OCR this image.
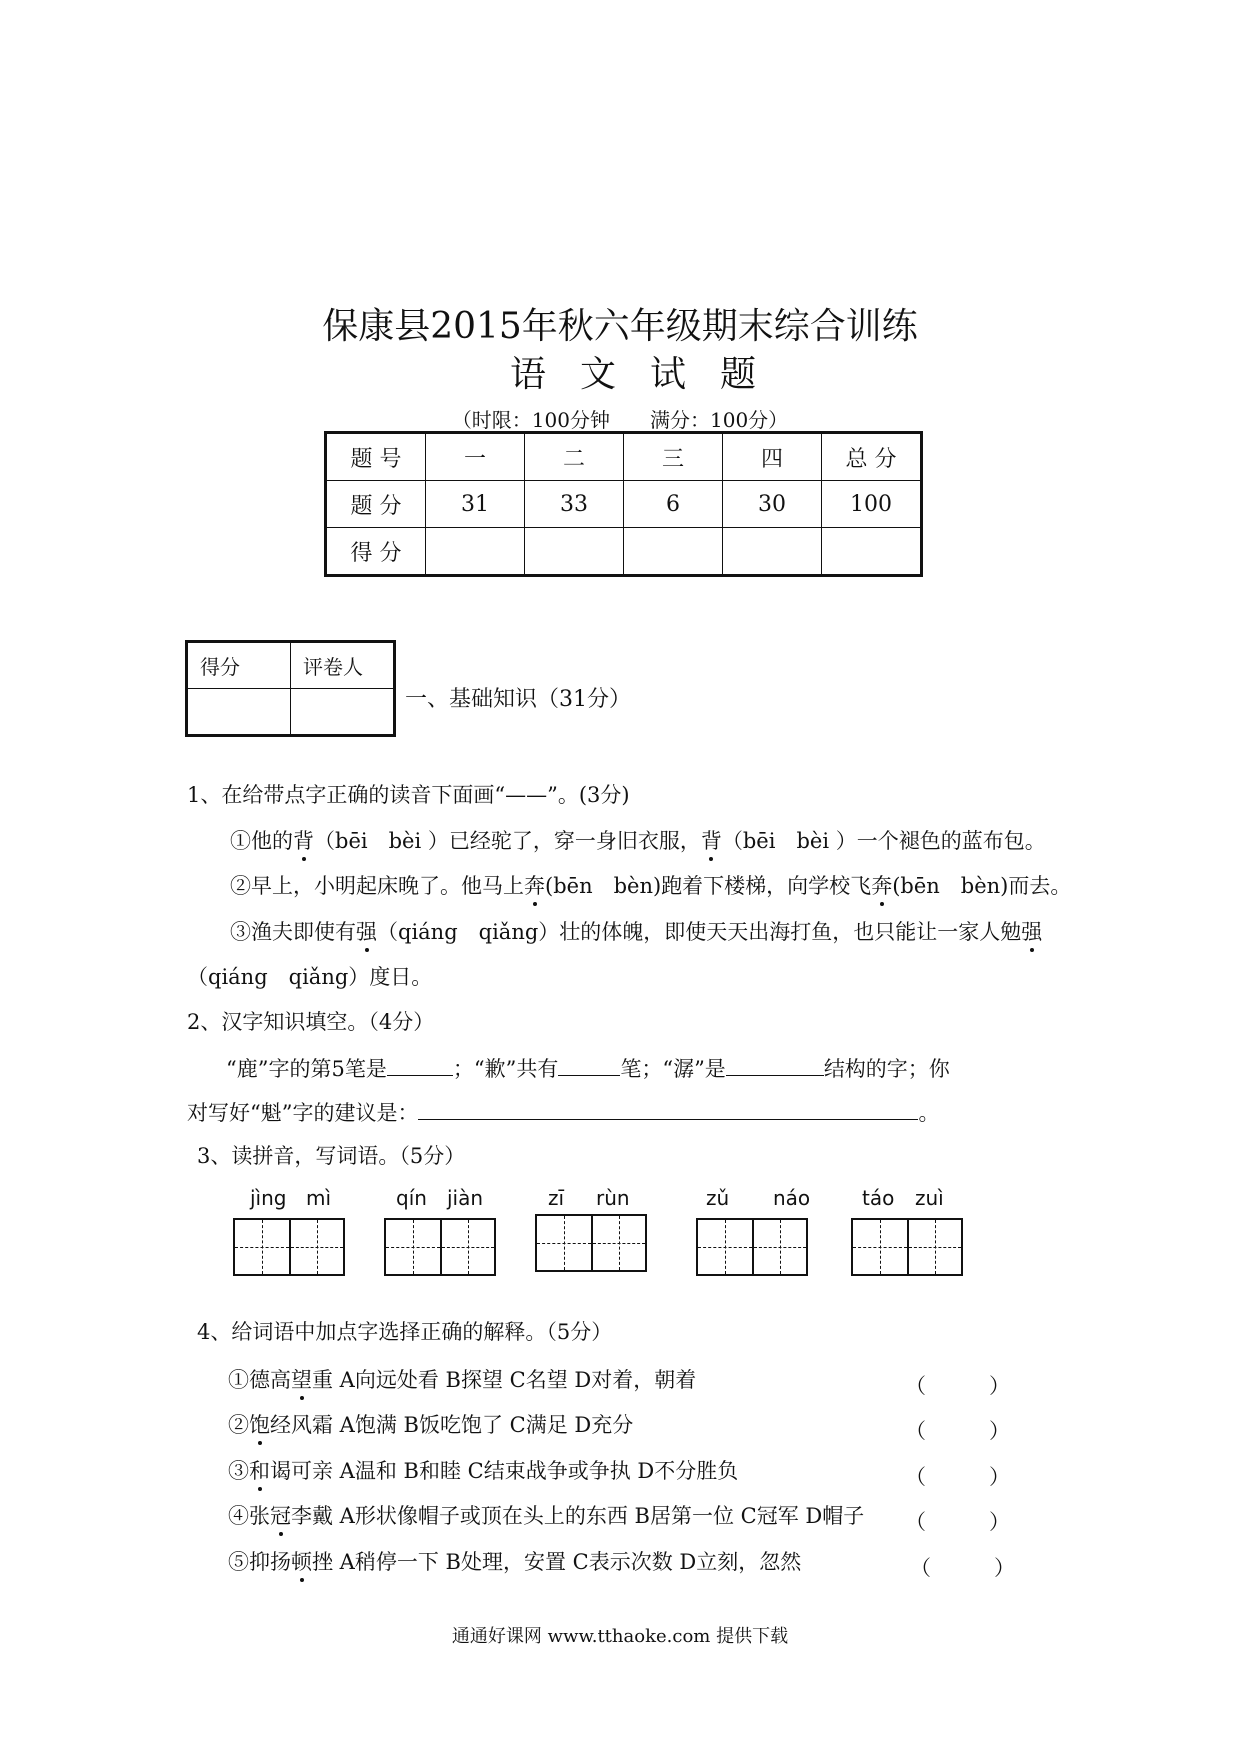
保康县2015年秋六年级期末综合训练
语文试题
（时限：100分钟 满分：100分）
题 号	一	二	三	四	总 分
题 分	31	33	6	30	100
得 分					
得分	评卷人

一、基础知识（31分）
1、在给带点字正确的读音下面画“——”。(3分)
①他的背（bēi　bèi ）已经驼了，穿一身旧衣服，背（bēi　bèi ）一个褪色的蓝布包。
②早上，小明起床晚了。他马上奔(bēn　bèn)跑着下楼梯，向学校飞奔(bēn　bèn)而去。
③渔夫即使有强（qiáng　qiǎng）壮的体魄，即使天天出海打鱼，也只能让一家人勉强
（qiáng　qiǎng）度日。
2、汉字知识填空。（4分）
“鹿”字的第5笔是	；“歉”共有	笔；“潺”是	结构的字；你
对写好“魁”字的建议是：	。
3、读拼音，写词语。（5分）
jìng mì	qín jiàn	zī rùn	zǔ náo	táo zuì
4、给词语中加点字选择正确的解释。（5分）
①德高望重 A向远处看 B探望 C名望 D对着，朝着	（　　　）
②饱经风霜 A饱满 B饭吃饱了 C满足 D充分	（　　　）
③和谒可亲 A温和 B和睦 C结束战争或争执 D不分胜负	（　　　）
④张冠李戴 A形状像帽子或顶在头上的东西 B居第一位 C冠军 D帽子 （　　　）
⑤抑扬顿挫 A稍停一下 B处理，安置 C表示次数 D立刻，忽然	（　　　）
通通好课网 www.tthaoke.com 提供下载
